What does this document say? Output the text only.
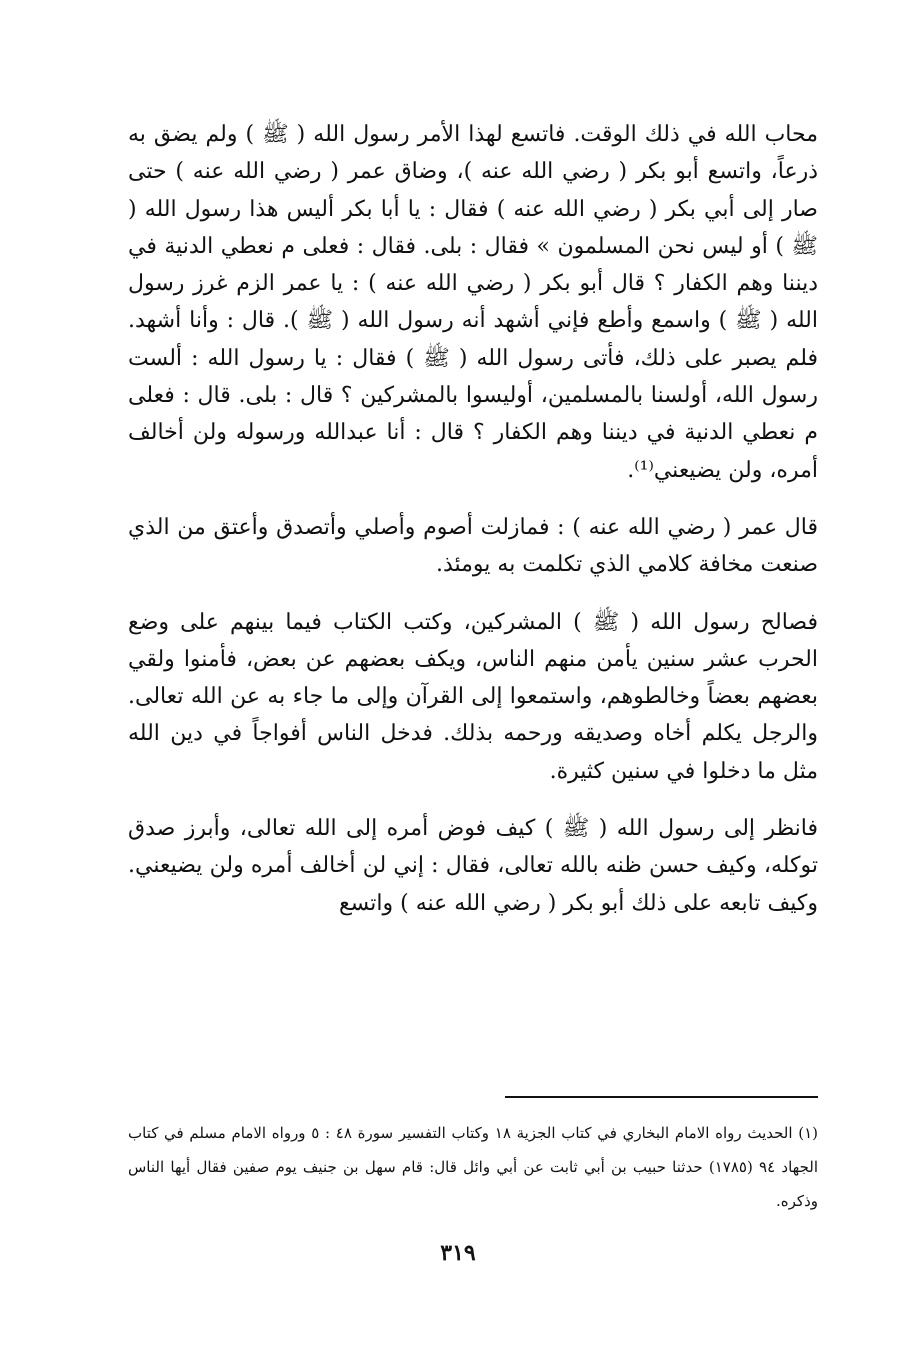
محاب الله في ذلك الوقت. فاتسع لهذا الأمر رسول الله ( ﷺ ) ولم يضق به ذرعاً، واتسع أبو بكر ( رضي الله عنه )، وضاق عمر ( رضي الله عنه ) حتى صار إلى أبي بكر ( رضي الله عنه ) فقال : يا أبا بكر أليس هذا رسول الله ( ﷺ ) أو ليس نحن المسلمون » فقال : بلى. فقال : فعلى م نعطي الدنية في ديننا وهم الكفار ؟ قال أبو بكر ( رضي الله عنه ) : يا عمر الزم غرز رسول الله ( ﷺ ) واسمع وأطع فإني أشهد أنه رسول الله ( ﷺ ). قال : وأنا أشهد. فلم يصبر على ذلك، فأتى رسول الله ( ﷺ ) فقال : يا رسول الله : ألست رسول الله، أولسنا بالمسلمين، أوليسوا بالمشركين ؟ قال : بلى. قال : فعلى م نعطي الدنية في ديننا وهم الكفار ؟ قال : أنا عبدالله ورسوله ولن أخالف أمره، ولن يضيعني⁽¹⁾.

قال عمر ( رضي الله عنه ) : فمازلت أصوم وأصلي وأتصدق وأعتق من الذي صنعت مخافة كلامي الذي تكلمت به يومئذ.

فصالح رسول الله ( ﷺ ) المشركين، وكتب الكتاب فيما بينهم على وضع الحرب عشر سنين يأمن منهم الناس، ويكف بعضهم عن بعض، فأمنوا ولقي بعضهم بعضاً وخالطوهم، واستمعوا إلى القرآن وإلى ما جاء به عن الله تعالى. والرجل يكلم أخاه وصديقه ورحمه بذلك. فدخل الناس أفواجاً في دين الله مثل ما دخلوا في سنين كثيرة.

فانظر إلى رسول الله ( ﷺ ) كيف فوض أمره إلى الله تعالى، وأبرز صدق توكله، وكيف حسن ظنه بالله تعالى، فقال : إني لن أخالف أمره ولن يضيعني. وكيف تابعه على ذلك أبو بكر ( رضي الله عنه ) واتسع

(١) الحديث رواه الامام البخاري في كتاب الجزية ١٨ وكتاب التفسير سورة ٤٨ : ٥ ورواه الامام مسلم في كتاب الجهاد ٩٤ (١٧٨٥) حدثنا حبيب بن أبي ثابت عن أبي وائل قال: قام سهل بن جنيف يوم صفين فقال أيها الناس وذكره.

٣١٩
